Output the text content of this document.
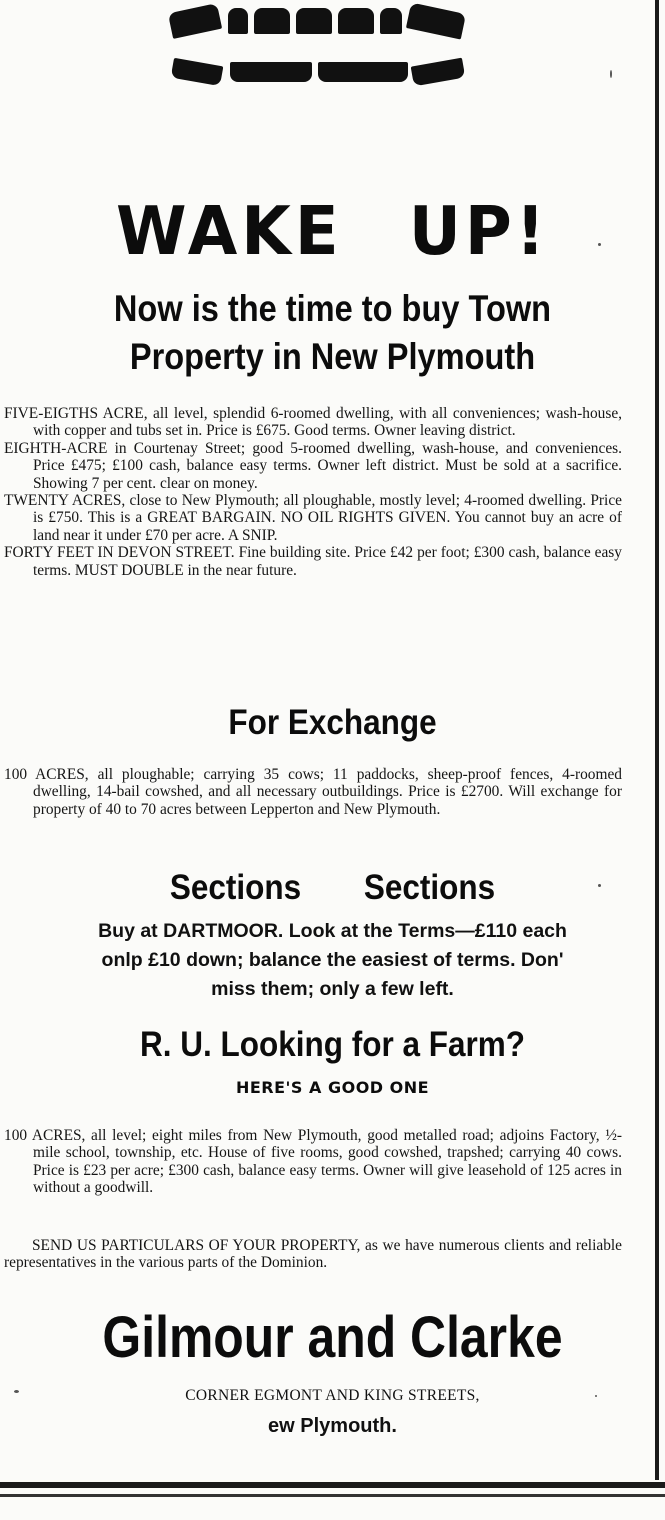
WAKE UP!
Now is the time to buy Town
Property in New Plymouth

FIVE-EIGTHS ACRE, all level, splendid 6-roomed dwelling, with all conveniences; wash-house, with copper and tubs set in. Price is £675. Good terms. Owner leaving district.

EIGHTH-ACRE in Courtenay Street; good 5-roomed dwelling, wash-house, and conveniences. Price £475; £100 cash, balance easy terms. Owner left district. Must be sold at a sacrifice. Showing 7 per cent. clear on money.

TWENTY ACRES, close to New Plymouth; all ploughable, mostly level; 4-roomed dwelling. Price is £750. This is a GREAT BARGAIN. NO OIL RIGHTS GIVEN. You cannot buy an acre of land near it under £70 per acre. A SNIP.

FORTY FEET IN DEVON STREET. Fine building site. Price £42 per foot; £300 cash, balance easy terms. MUST DOUBLE in the near future.

For Exchange

100 ACRES, all ploughable; carrying 35 cows; 11 paddocks, sheep-proof fences, 4-roomed dwelling, 14-bail cowshed, and all necessary outbuildings. Price is £2700. Will exchange for property of 40 to 70 acres between Lepperton and New Plymouth.

Sections Sections
Buy at DARTMOOR. Look at the Terms—£110 each
onlp £10 down; balance the easiest of terms. Don'
miss them; only a few left.
R. U. Looking for a Farm?
HERE'S A GOOD ONE

100 ACRES, all level; eight miles from New Plymouth, good metalled road; adjoins Factory, ½-mile school, township, etc. House of five rooms, good cowshed, trapshed; carrying 40 cows. Price is £23 per acre; £300 cash, balance easy terms. Owner will give leasehold of 125 acres in without a goodwill.

SEND US PARTICULARS OF YOUR PROPERTY, as we have numerous clients and reliable representatives in the various parts of the Dominion.
Gilmour and Clarke
CORNER EGMONT AND KING STREETS,
ew Plymouth.
